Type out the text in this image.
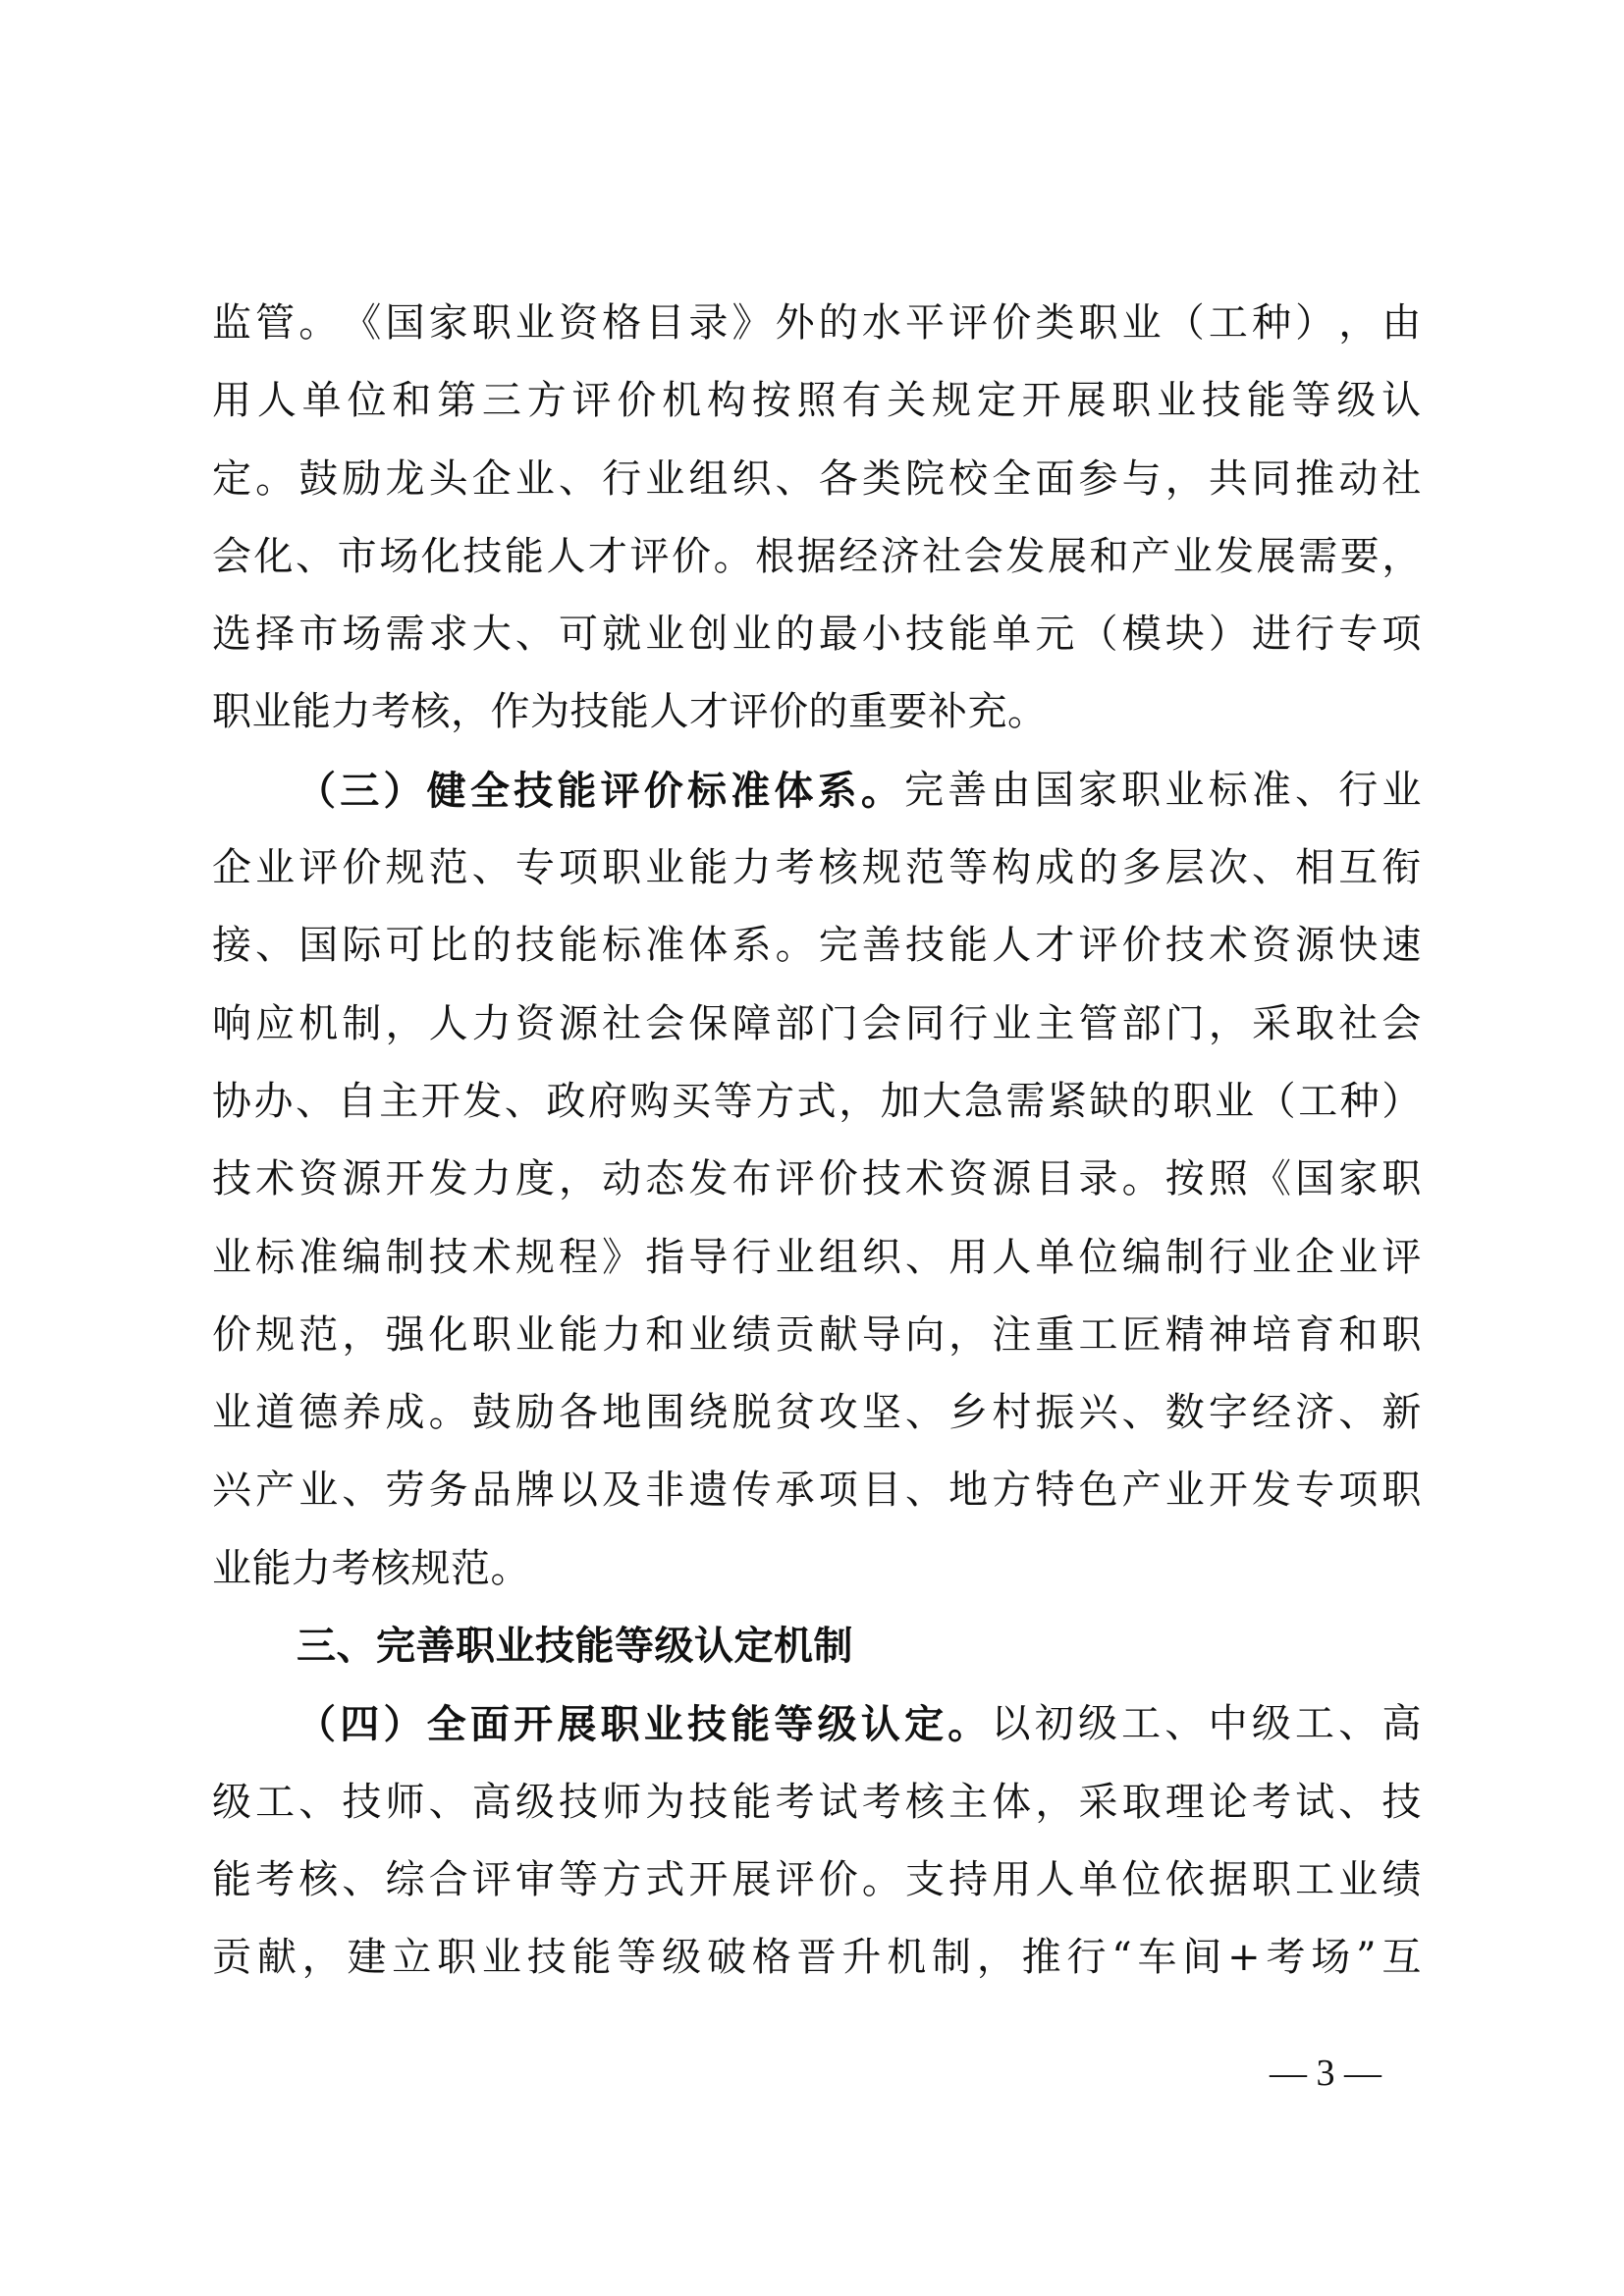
监 管 。 《 国 家 职 业 资 格 目 录 》 外 的 水 平 评 价 类 职 业 （ 工 种 ） ， 由
用 人 单 位 和 第 三 方 评 价 机 构 按 照 有 关 规 定 开 展 职 业 技 能 等 级 认
定 。 鼓 励 龙 头 企 业 、 行 业 组 织 、 各 类 院 校 全 面 参 与 ， 共 同 推 动 社
会 化 、 市 场 化 技 能 人 才 评 价 。 根 据 经 济 社 会 发 展 和 产 业 发 展 需 要 ，
选 择 市 场 需 求 大 、 可 就 业 创 业 的 最 小 技 能 单 元 （ 模 块 ） 进 行 专 项
职 业 能 力 考 核 ， 作 为 技 能 人 才 评 价 的 重 要 补 充 。
（ 三 ） 健 全 技 能 评 价 标 准 体 系 。 完 善 由 国 家 职 业 标 准 、 行 业
企 业 评 价 规 范 、 专 项 职 业 能 力 考 核 规 范 等 构 成 的 多 层 次 、 相 互 衔
接 、 国 际 可 比 的 技 能 标 准 体 系 。 完 善 技 能 人 才 评 价 技 术 资 源 快 速
响 应 机 制 ， 人 力 资 源 社 会 保 障 部 门 会 同 行 业 主 管 部 门 ， 采 取 社 会
协 办 、 自 主 开 发 、 政 府 购 买 等 方 式 ， 加 大 急 需 紧 缺 的 职 业 （ 工 种 ）
技 术 资 源 开 发 力 度 ， 动 态 发 布 评 价 技 术 资 源 目 录 。 按 照 《 国 家 职
业 标 准 编 制 技 术 规 程 》 指 导 行 业 组 织 、 用 人 单 位 编 制 行 业 企 业 评
价 规 范 ， 强 化 职 业 能 力 和 业 绩 贡 献 导 向 ， 注 重 工 匠 精 神 培 育 和 职
业 道 德 养 成 。 鼓 励 各 地 围 绕 脱 贫 攻 坚 、 乡 村 振 兴 、 数 字 经 济 、 新
兴 产 业 、 劳 务 品 牌 以 及 非 遗 传 承 项 目 、 地 方 特 色 产 业 开 发 专 项 职
业 能 力 考 核 规 范 。
三 、 完 善 职 业 技 能 等 级 认 定 机 制
（ 四 ） 全 面 开 展 职 业 技 能 等 级 认 定 。 以 初 级 工 、 中 级 工 、 高
级 工 、 技 师 、 高 级 技 师 为 技 能 考 试 考 核 主 体 ， 采 取 理 论 考 试 、 技
能 考 核 、 综 合 评 审 等 方 式 开 展 评 价 。 支 持 用 人 单 位 依 据 职 工 业 绩
贡 献 ， 建 立 职 业 技 能 等 级 破 格 晋 升 机 制 ， 推 行 “ 车 间 + 考 场 ” 互
— 3 —
